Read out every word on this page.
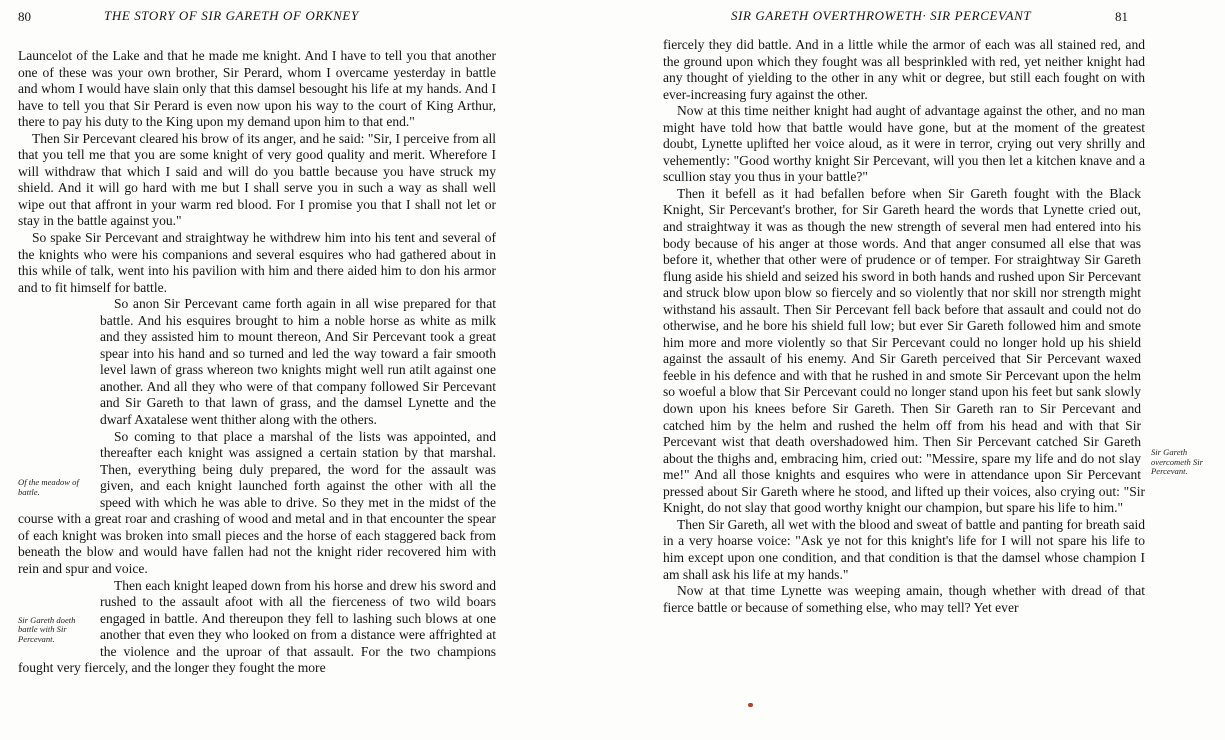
80	THE STORY OF SIR GARETH OF ORKNEY

Launcelot of the Lake and that he made me knight. And I have to tell you that another one of these was your own brother, Sir Perard, whom I overcame yesterday in battle and whom I would have slain only that this damsel besought his life at my hands. And I have to tell you that Sir Perard is even now upon his way to the court of King Arthur, there to pay his duty to the King upon my demand upon him to that end."

Then Sir Percevant cleared his brow of its anger, and he said: "Sir, I perceive from all that you tell me that you are some knight of very good quality and merit. Wherefore I will withdraw that which I said and will do you battle because you have struck my shield. And it will go hard with me but I shall serve you in such a way as shall well wipe out that affront in your warm red blood. For I promise you that I shall not let or stay in the battle against you."

So spake Sir Percevant and straightway he withdrew him into his tent and several of the knights who were his companions and several esquires who had gathered about in this while of talk, went into his pavilion with him and there aided him to don his armor and to fit himself for battle.

Of the meadow of battle.

So anon Sir Percevant came forth again in all wise prepared for that battle. And his esquires brought to him a noble horse as white as milk and they assisted him to mount thereon, And Sir Percevant took a great spear into his hand and so turned and led the way toward a fair smooth level lawn of grass whereon two knights might well run atilt against one another. And all they who were of that company followed Sir Percevant and Sir Gareth to that lawn of grass, and the damsel Lynette and the dwarf Axatalese went thither along with the others.

So coming to that place a marshal of the lists was appointed, and thereafter each knight was assigned a certain station by that marshal. Then, everything being duly prepared, the word for the assault was given, and each knight launched forth against the other with all the speed with which he was able to drive. So they met in the midst of the course with a great roar and crashing of wood and metal and in that encounter the spear of each knight was broken into small pieces and the horse of each staggered back from beneath the blow and would have fallen had not the knight rider recovered him with rein and spur and voice.

Sir Gareth doeth battle with Sir Percevant.

Then each knight leaped down from his horse and drew his sword and rushed to the assault afoot with all the fierceness of two wild boars engaged in battle. And thereupon they fell to lashing such blows at one another that even they who looked on from a distance were affrighted at the violence and the uproar of that assault. For the two champions fought very fiercely, and the longer they fought the more

SIR GARETH OVERTHROWETH· SIR PERCEVANT	81

fiercely they did battle. And in a little while the armor of each was all stained red, and the ground upon which they fought was all besprinkled with red, yet neither knight had any thought of yielding to the other in any whit or degree, but still each fought on with ever-increasing fury against the other.

Now at this time neither knight had aught of advantage against the other, and no man might have told how that battle would have gone, but at the moment of the greatest doubt, Lynette uplifted her voice aloud, as it were in terror, crying out very shrilly and vehemently: "Good worthy knight Sir Percevant, will you then let a kitchen knave and a scullion stay you thus in your battle?"

Sir Gareth overcometh Sir Percevant.

Then it befell as it had befallen before when Sir Gareth fought with the Black Knight, Sir Percevant's brother, for Sir Gareth heard the words that Lynette cried out, and straightway it was as though the new strength of several men had entered into his body because of his anger at those words. And that anger consumed all else that was before it, whether that other were of prudence or of temper. For straightway Sir Gareth flung aside his shield and seized his sword in both hands and rushed upon Sir Percevant and struck blow upon blow so fiercely and so violently that nor skill nor strength might withstand his assault. Then Sir Percevant fell back before that assault and could not do otherwise, and he bore his shield full low; but ever Sir Gareth followed him and smote him more and more violently so that Sir Percevant could no longer hold up his shield against the assault of his enemy. And Sir Gareth perceived that Sir Percevant waxed feeble in his defence and with that he rushed in and smote Sir Percevant upon the helm so woeful a blow that Sir Percevant could no longer stand upon his feet but sank slowly down upon his knees before Sir Gareth. Then Sir Gareth ran to Sir Percevant and catched him by the helm and rushed the helm off from his head and with that Sir Percevant wist that death overshadowed him. Then Sir Percevant catched Sir Gareth about the thighs and, embracing him, cried out: "Messire, spare my life and do not slay me!" And all those knights and esquires who were in attendance upon Sir Percevant pressed about Sir Gareth where he stood, and lifted up their voices, also crying out: "Sir Knight, do not slay that good worthy knight our champion, but spare his life to him."

Then Sir Gareth, all wet with the blood and sweat of battle and panting for breath said in a very hoarse voice: "Ask ye not for this knight's life for I will not spare his life to him except upon one condition, and that condition is that the damsel whose champion I am shall ask his life at my hands."

Now at that time Lynette was weeping amain, though whether with dread of that fierce battle or because of something else, who may tell? Yet ever
